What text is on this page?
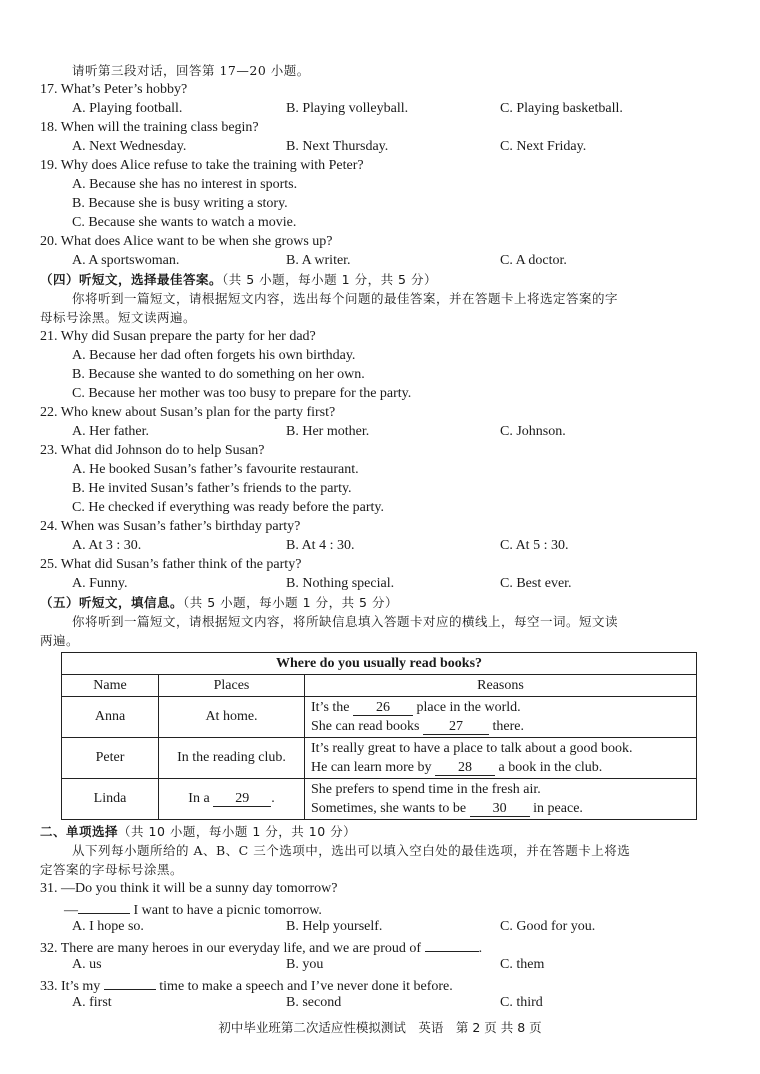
请听第三段对话，回答第 17—20 小题。
17. What’s Peter’s hobby?
A. Playing football.	B. Playing volleyball.	C. Playing basketball.
18. When will the training class begin?
A. Next Wednesday.	B. Next Thursday.	C. Next Friday.
19. Why does Alice refuse to take the training with Peter?
A. Because she has no interest in sports.
B. Because she is busy writing a story.
C. Because she wants to watch a movie.
20. What does Alice want to be when she grows up?
A. A sportswoman.	B. A writer.	C. A doctor.
（四）听短文，选择最佳答案。（共 5 小题，每小题 1 分，共 5 分）
你将听到一篇短文，请根据短文内容，选出每个问题的最佳答案，并在答题卡上将选定答案的字
母标号涂黑。短文读两遍。
21. Why did Susan prepare the party for her dad?
A. Because her dad often forgets his own birthday.
B. Because she wanted to do something on her own.
C. Because her mother was too busy to prepare for the party.
22. Who knew about Susan’s plan for the party first?
A. Her father.	B. Her mother.	C. Johnson.
23. What did Johnson do to help Susan?
A. He booked Susan’s father’s favourite restaurant.
B. He invited Susan’s father’s friends to the party.
C. He checked if everything was ready before the party.
24. When was Susan’s father’s birthday party?
A. At 3 : 30.	B. At 4 : 30.	C. At 5 : 30.
25. What did Susan’s father think of the party?
A. Funny.	B. Nothing special.	C. Best ever.
（五）听短文，填信息。（共 5 小题，每小题 1 分，共 5 分）
你将听到一篇短文，请根据短文内容，将所缺信息填入答题卡对应的横线上，每空一词。短文读
两遍。
Where do you usually read books?		
Name	Places	Reasons
Anna	At home.	It’s the 26 place in the world.
She can read books 27 there.

Peter	In the reading club.	It’s really great to have a place to talk about a good book.
He can learn more by 28 a book in the club.

Linda	In a 29 .	She prefers to spend time in the fresh air.
Sometimes, she wants to be 30 in peace.
二、单项选择（共 10 小题，每小题 1 分，共 10 分）
从下列每小题所给的 A、B、C 三个选项中，选出可以填入空白处的最佳选项，并在答题卡上将选
定答案的字母标号涂黑。
31. —Do you think it will be a sunny day tomorrow?
—	I want to have a picnic tomorrow.
A. I hope so.	B. Help yourself.	C. Good for you.
32. There are many heroes in our everyday life, and we are proud of	.
A. us	B. you	C. them
33. It’s my	time to make a speech and I’ve never done it before.
A. first	B. second	C. third
初中毕业班第二次适应性模拟测试　英语　第 2 页 共 8 页
